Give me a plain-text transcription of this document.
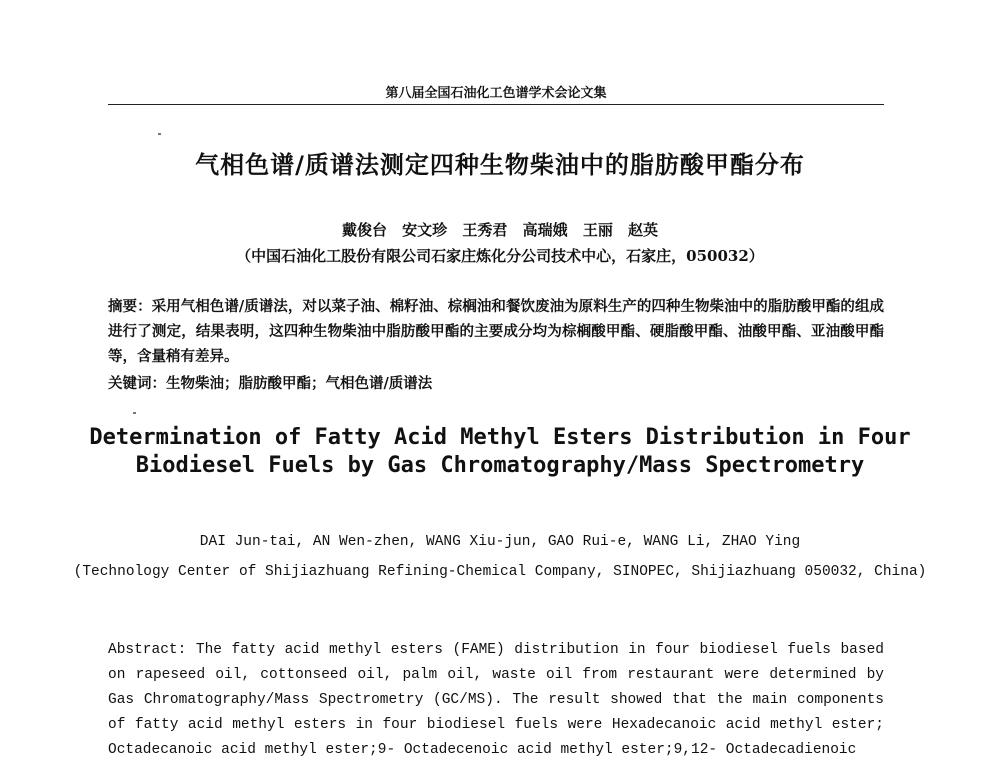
第八届全国石油化工色谱学术会论文集
气相色谱/质谱法测定四种生物柴油中的脂肪酸甲酯分布
戴俊台 安文珍 王秀君 高瑞娥 王丽 赵英
（中国石油化工股份有限公司石家庄炼化分公司技术中心，石家庄，050032）
摘要：采用气相色谱/质谱法，对以菜子油、棉籽油、棕榈油和餐饮废油为原料生产的四种生物柴油中的脂肪酸甲酯的组成进行了测定，结果表明，这四种生物柴油中脂肪酸甲酯的主要成分均为棕榈酸甲酯、硬脂酸甲酯、油酸甲酯、亚油酸甲酯等，含量稍有差异。
关键词：生物柴油；脂肪酸甲酯；气相色谱/质谱法
Determination of Fatty Acid Methyl Esters Distribution in Four Biodiesel Fuels by Gas Chromatography/Mass Spectrometry
DAI Jun-tai, AN Wen-zhen, WANG Xiu-jun, GAO Rui-e, WANG Li, ZHAO Ying
(Technology Center of Shijiazhuang Refining-Chemical Company, SINOPEC, Shijiazhuang 050032, China)
Abstract: The fatty acid methyl esters (FAME) distribution in four biodiesel fuels based on rapeseed oil, cottonseed oil, palm oil, waste oil from restaurant were determined by Gas Chromatography/Mass Spectrometry (GC/MS). The result showed that the main components of fatty acid methyl esters in four biodiesel fuels were Hexadecanoic acid methyl ester; Octadecanoic acid methyl ester;9- Octadecenoic acid methyl ester;9,12- Octadecadienoic
